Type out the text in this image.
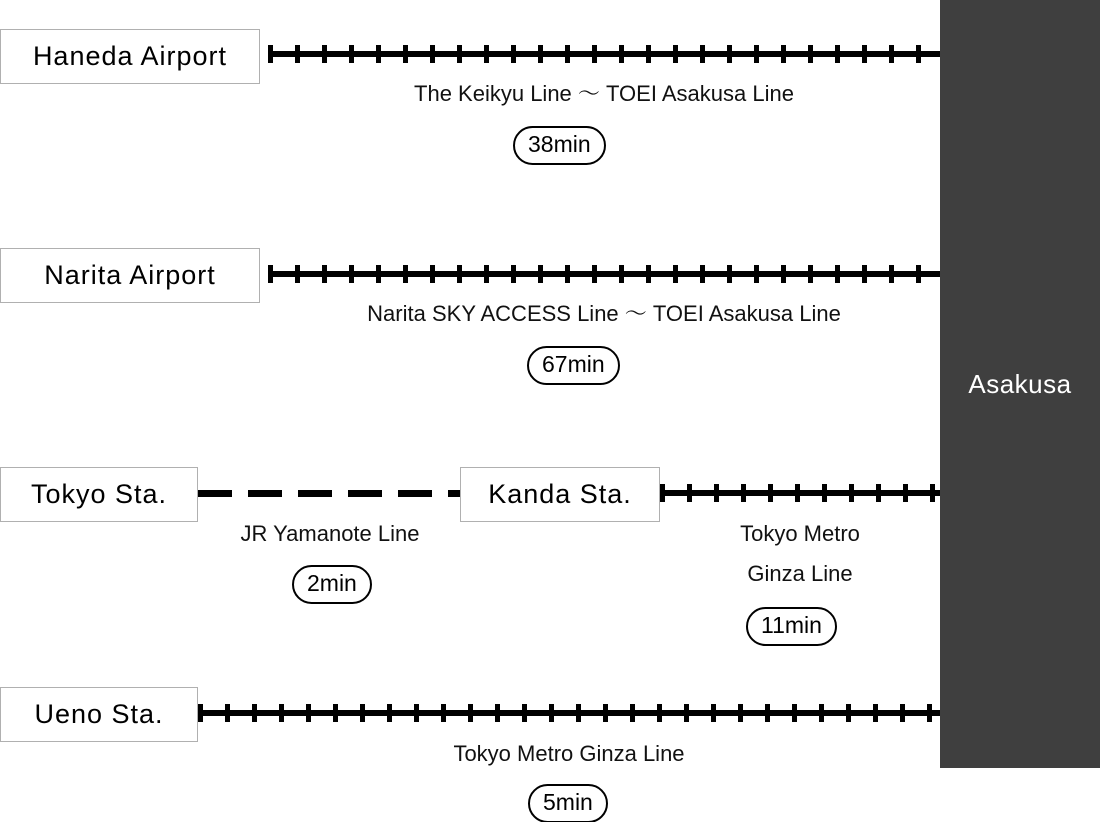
Asakusa
Haneda Airport
The Keikyu Line 〜 TOEI Asakusa Line
38min
Narita Airport
Narita SKY ACCESS Line 〜 TOEI Asakusa Line
67min
Tokyo Sta.	Kanda Sta.
JR Yamanote Line
2min
Tokyo Metro
Ginza Line
11min
Ueno Sta.
Tokyo Metro Ginza Line
5min
